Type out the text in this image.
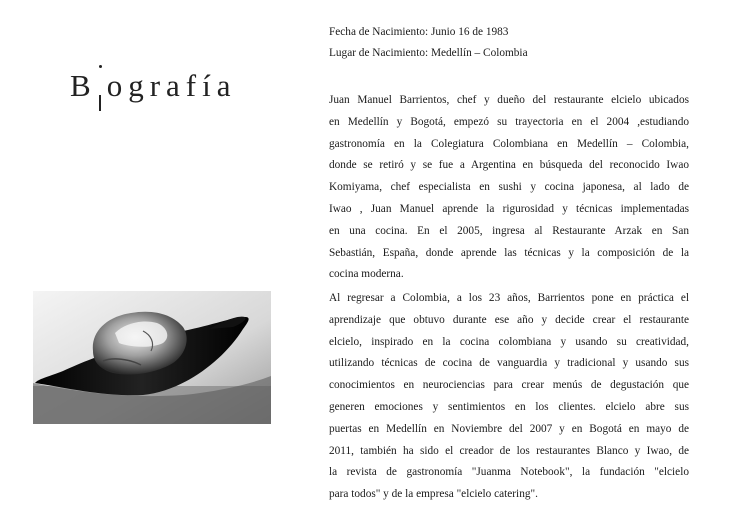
B ografía
Fecha de Nacimiento: Junio 16 de 1983
Lugar de Nacimiento: Medellín – Colombia

Juan Manuel Barrientos, chef y dueño del restaurante elcielo ubicados
en Medellín y Bogotá, empezó su trayectoria en el 2004 ,estudiando
gastronomía en la Colegiatura Colombiana en Medellín – Colombia,
donde se retiró y se fue a Argentina en búsqueda del reconocido Iwao
Komiyama, chef especialista en sushi y cocina japonesa, al lado de
Iwao , Juan Manuel aprende la rigurosidad y técnicas implementadas
en una cocina. En el 2005, ingresa al Restaurante Arzak en San
Sebastián, España, donde aprende las técnicas y la composición de la
cocina moderna.

Al regresar a Colombia, a los 23 años, Barrientos pone en práctica el
aprendizaje que obtuvo durante ese año y decide crear el restaurante
elcielo, inspirado en la cocina colombiana y usando su creatividad,
utilizando técnicas de cocina de vanguardia y tradicional y usando sus
conocimientos en neurociencias para crear menús de degustación que
generen emociones y sentimientos en los clientes. elcielo abre sus
puertas en Medellín en Noviembre del 2007 y en Bogotá en mayo de
2011, también ha sido el creador de los restaurantes Blanco y Iwao, de
la revista de gastronomía "Juanma Notebook", la fundación "elcielo
para todos" y de la empresa "elcielo catering".
